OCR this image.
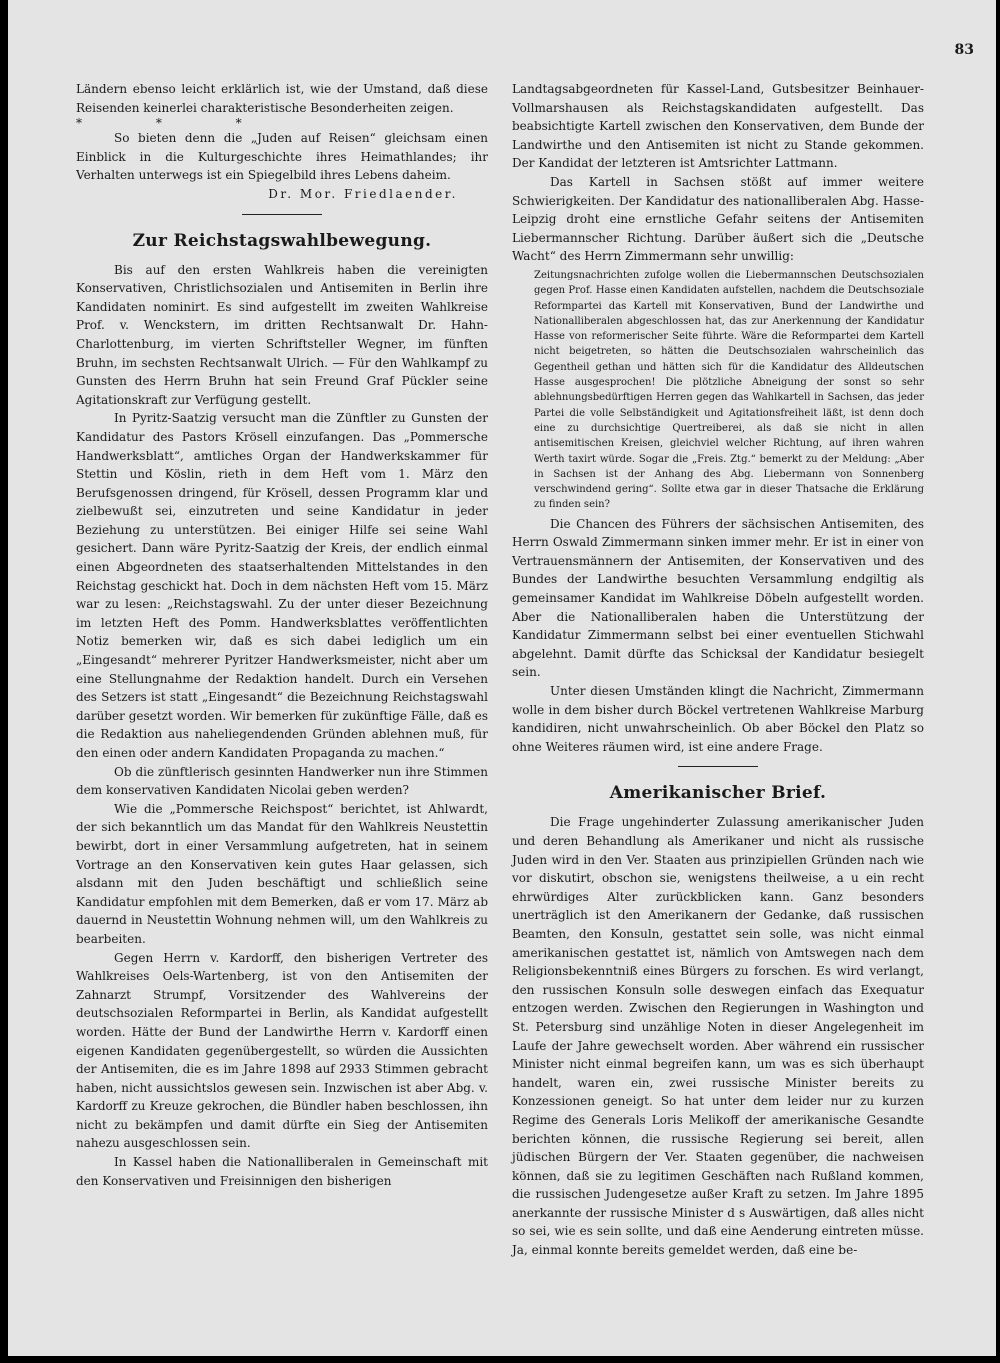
83

Ländern ebenso leicht erklärlich ist, wie der Umstand, daß diese Reisenden keinerlei charakteristische Besonderheiten zeigen.

* * *

So bieten denn die „Juden auf Reisen“ gleichsam einen Einblick in die Kulturgeschichte ihres Heimathlandes; ihr Verhalten unterwegs ist ein Spiegelbild ihres Lebens daheim.

Dr. Mor. Friedlaender.

Zur Reichstagswahlbewegung.

Bis auf den ersten Wahlkreis haben die vereinigten Konservativen, Christlichsozialen und Antisemiten in Berlin ihre Kandidaten nominirt. Es sind aufgestellt im zweiten Wahlkreise Prof. v. Wenckstern, im dritten Rechtsanwalt Dr. Hahn-Charlottenburg, im vierten Schriftsteller Wegner, im fünften Bruhn, im sechsten Rechtsanwalt Ulrich. — Für den Wahlkampf zu Gunsten des Herrn Bruhn hat sein Freund Graf Pückler seine Agitationskraft zur Verfügung gestellt.

In Pyritz-Saatzig versucht man die Zünftler zu Gunsten der Kandidatur des Pastors Krösell einzufangen. Das „Pommersche Handwerksblatt“, amtliches Organ der Handwerkskammer für Stettin und Köslin, rieth in dem Heft vom 1. März den Berufsgenossen dringend, für Krösell, dessen Programm klar und zielbewußt sei, einzutreten und seine Kandidatur in jeder Beziehung zu unterstützen. Bei einiger Hilfe sei seine Wahl gesichert. Dann wäre Pyritz-Saatzig der Kreis, der endlich einmal einen Abgeordneten des staatserhaltenden Mittelstandes in den Reichstag geschickt hat. Doch in dem nächsten Heft vom 15. März war zu lesen: „Reichstagswahl. Zu der unter dieser Bezeichnung im letzten Heft des Pomm. Handwerksblattes veröffentlichten Notiz bemerken wir, daß es sich dabei lediglich um ein „Eingesandt“ mehrerer Pyritzer Handwerksmeister, nicht aber um eine Stellungnahme der Redaktion handelt. Durch ein Versehen des Setzers ist statt „Eingesandt“ die Bezeichnung Reichstagswahl darüber gesetzt worden. Wir bemerken für zukünftige Fälle, daß es die Redaktion aus naheliegendenden Gründen ablehnen muß, für den einen oder andern Kandidaten Propaganda zu machen.“

Ob die zünftlerisch gesinnten Handwerker nun ihre Stimmen dem konservativen Kandidaten Nicolai geben werden?

Wie die „Pommersche Reichspost“ berichtet, ist Ahlwardt, der sich bekanntlich um das Mandat für den Wahlkreis Neustettin bewirbt, dort in einer Versammlung aufgetreten, hat in seinem Vortrage an den Konservativen kein gutes Haar gelassen, sich alsdann mit den Juden beschäftigt und schließlich seine Kandidatur empfohlen mit dem Bemerken, daß er vom 17. März ab dauernd in Neustettin Wohnung nehmen will, um den Wahlkreis zu bearbeiten.

Gegen Herrn v. Kardorff, den bisherigen Vertreter des Wahlkreises Oels-Wartenberg, ist von den Antisemiten der Zahnarzt Strumpf, Vorsitzender des Wahlvereins der deutschsozialen Reformpartei in Berlin, als Kandidat aufgestellt worden. Hätte der Bund der Landwirthe Herrn v. Kardorff einen eigenen Kandidaten gegenübergestellt, so würden die Aussichten der Antisemiten, die es im Jahre 1898 auf 2933 Stimmen gebracht haben, nicht aussichtslos gewesen sein. Inzwischen ist aber Abg. v. Kardorff zu Kreuze gekrochen, die Bündler haben beschlossen, ihn nicht zu bekämpfen und damit dürfte ein Sieg der Antisemiten nahezu ausgeschlossen sein.

In Kassel haben die Nationalliberalen in Gemeinschaft mit den Konservativen und Freisinnigen den bisherigen

Landtagsabgeordneten für Kassel-Land, Gutsbesitzer Beinhauer-Vollmarshausen als Reichstagskandidaten aufgestellt. Das beabsichtigte Kartell zwischen den Konservativen, dem Bunde der Landwirthe und den Antisemiten ist nicht zu Stande gekommen. Der Kandidat der letzteren ist Amtsrichter Lattmann.

Das Kartell in Sachsen stößt auf immer weitere Schwierigkeiten. Der Kandidatur des nationalliberalen Abg. Hasse-Leipzig droht eine ernstliche Gefahr seitens der Antisemiten Liebermannscher Richtung. Darüber äußert sich die „Deutsche Wacht“ des Herrn Zimmermann sehr unwillig:

Zeitungsnachrichten zufolge wollen die Liebermannschen Deutschsozialen gegen Prof. Hasse einen Kandidaten aufstellen, nachdem die Deutschsoziale Reformpartei das Kartell mit Konservativen, Bund der Landwirthe und Nationalliberalen abgeschlossen hat, das zur Anerkennung der Kandidatur Hasse von reformerischer Seite führte. Wäre die Reformpartei dem Kartell nicht beigetreten, so hätten die Deutschsozialen wahrscheinlich das Gegentheil gethan und hätten sich für die Kandidatur des Alldeutschen Hasse ausgesprochen! Die plötzliche Abneigung der sonst so sehr ablehnungsbedürftigen Herren gegen das Wahlkartell in Sachsen, das jeder Partei die volle Selbständigkeit und Agitationsfreiheit läßt, ist denn doch eine zu durchsichtige Quertreiberei, als daß sie nicht in allen antisemitischen Kreisen, gleichviel welcher Richtung, auf ihren wahren Werth taxirt würde. Sogar die „Freis. Ztg.“ bemerkt zu der Meldung: „Aber in Sachsen ist der Anhang des Abg. Liebermann von Sonnenberg verschwindend gering“. Sollte etwa gar in dieser Thatsache die Erklärung zu finden sein?

Die Chancen des Führers der sächsischen Antisemiten, des Herrn Oswald Zimmermann sinken immer mehr. Er ist in einer von Vertrauensmännern der Antisemiten, der Konservativen und des Bundes der Landwirthe besuchten Versammlung endgiltig als gemeinsamer Kandidat im Wahlkreise Döbeln aufgestellt worden. Aber die Nationalliberalen haben die Unterstützung der Kandidatur Zimmermann selbst bei einer eventuellen Stichwahl abgelehnt. Damit dürfte das Schicksal der Kandidatur besiegelt sein.

Unter diesen Umständen klingt die Nachricht, Zimmermann wolle in dem bisher durch Böckel vertretenen Wahlkreise Marburg kandidiren, nicht unwahrscheinlich. Ob aber Böckel den Platz so ohne Weiteres räumen wird, ist eine andere Frage.

Amerikanischer Brief.

Die Frage ungehinderter Zulassung amerikanischer Juden und deren Behandlung als Amerikaner und nicht als russische Juden wird in den Ver. Staaten aus prinzipiellen Gründen nach wie vor diskutirt, obschon sie, wenigstens theilweise, a u ein recht ehrwürdiges Alter zurückblicken kann. Ganz besonders unerträglich ist den Amerikanern der Gedanke, daß russischen Beamten, den Konsuln, gestattet sein solle, was nicht einmal amerikanischen gestattet ist, nämlich von Amtswegen nach dem Religionsbekenntniß eines Bürgers zu forschen. Es wird verlangt, den russischen Konsuln solle deswegen einfach das Exequatur entzogen werden. Zwischen den Regierungen in Washington und St. Petersburg sind unzählige Noten in dieser Angelegenheit im Laufe der Jahre gewechselt worden. Aber während ein russischer Minister nicht einmal begreifen kann, um was es sich überhaupt handelt, waren ein, zwei russische Minister bereits zu Konzessionen geneigt. So hat unter dem leider nur zu kurzen Regime des Generals Loris Melikoff der amerikanische Gesandte berichten können, die russische Regierung sei bereit, allen jüdischen Bürgern der Ver. Staaten gegenüber, die nachweisen können, daß sie zu legitimen Geschäften nach Rußland kommen, die russischen Judengesetze außer Kraft zu setzen. Im Jahre 1895 anerkannte der russische Minister d s Auswärtigen, daß alles nicht so sei, wie es sein sollte, und daß eine Aenderung eintreten müsse. Ja, einmal konnte bereits gemeldet werden, daß eine be-
